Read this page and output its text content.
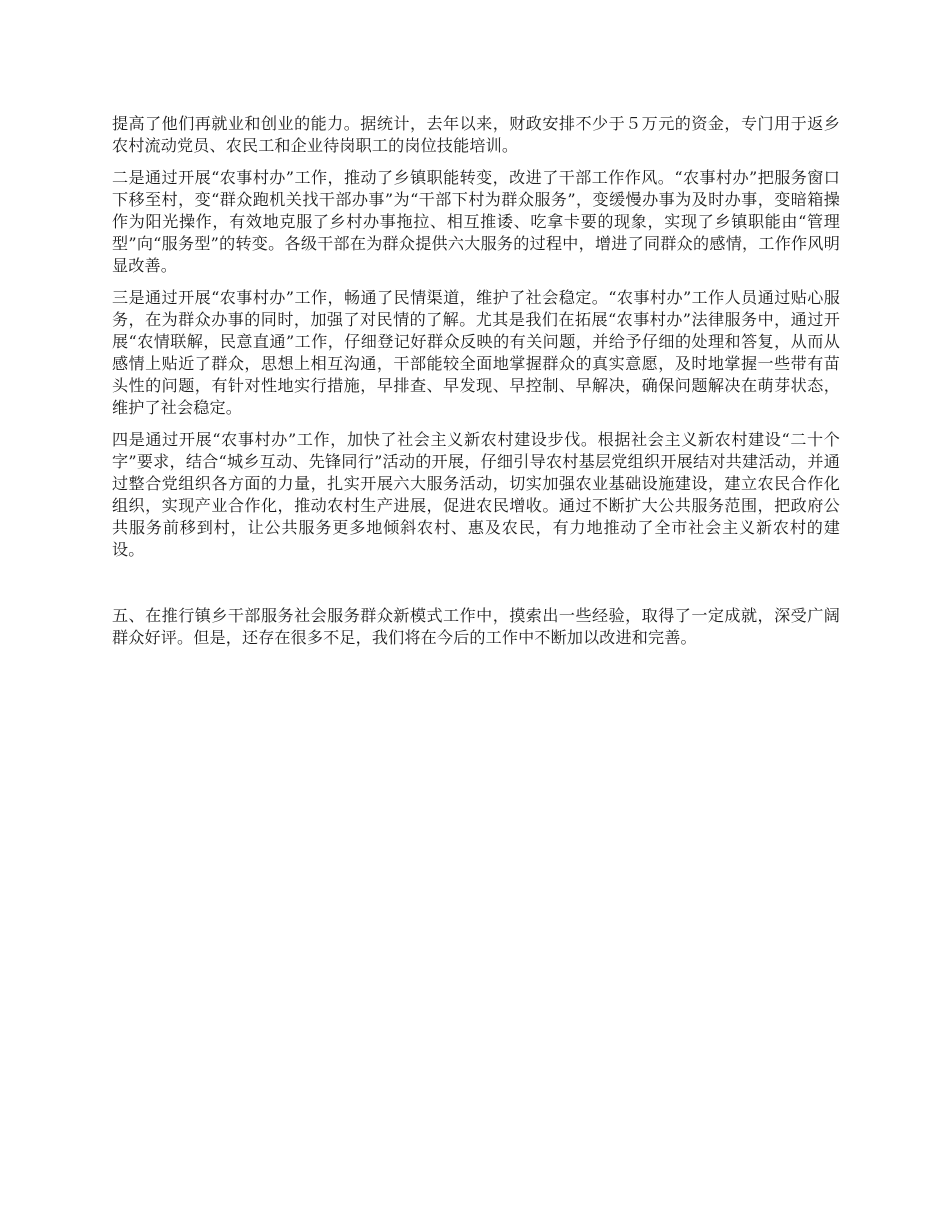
提高了他们再就业和创业的能力。据统计，去年以来，财政安排不少于５万元的资金，专门用于返乡农村流动党员、农民工和企业待岗职工的岗位技能培训。

二是通过开展“农事村办”工作，推动了乡镇职能转变，改进了干部工作作风。“农事村办”把服务窗口下移至村，变“群众跑机关找干部办事”为“干部下村为群众服务”，变缓慢办事为及时办事，变暗箱操作为阳光操作，有效地克服了乡村办事拖拉、相互推诿、吃拿卡要的现象，实现了乡镇职能由“管理型”向“服务型”的转变。各级干部在为群众提供六大服务的过程中，增进了同群众的感情，工作作风明显改善。

三是通过开展“农事村办”工作，畅通了民情渠道，维护了社会稳定。“农事村办”工作人员通过贴心服务，在为群众办事的同时，加强了对民情的了解。尤其是我们在拓展“农事村办”法律服务中，通过开展“农情联解，民意直通”工作，仔细登记好群众反映的有关问题，并给予仔细的处理和答复，从而从感情上贴近了群众，思想上相互沟通，干部能较全面地掌握群众的真实意愿，及时地掌握一些带有苗头性的问题，有针对性地实行措施，早排查、早发现、早控制、早解决，确保问题解决在萌芽状态，维护了社会稳定。

四是通过开展“农事村办”工作，加快了社会主义新农村建设步伐。根据社会主义新农村建设“二十个字”要求，结合“城乡互动、先锋同行”活动的开展，仔细引导农村基层党组织开展结对共建活动，并通过整合党组织各方面的力量，扎实开展六大服务活动，切实加强农业基础设施建设，建立农民合作化组织，实现产业合作化，推动农村生产进展，促进农民增收。通过不断扩大公共服务范围，把政府公共服务前移到村，让公共服务更多地倾斜农村、惠及农民，有力地推动了全市社会主义新农村的建设。

五、在推行镇乡干部服务社会服务群众新模式工作中，摸索出一些经验，取得了一定成就，深受广阔群众好评。但是，还存在很多不足，我们将在今后的工作中不断加以改进和完善。
